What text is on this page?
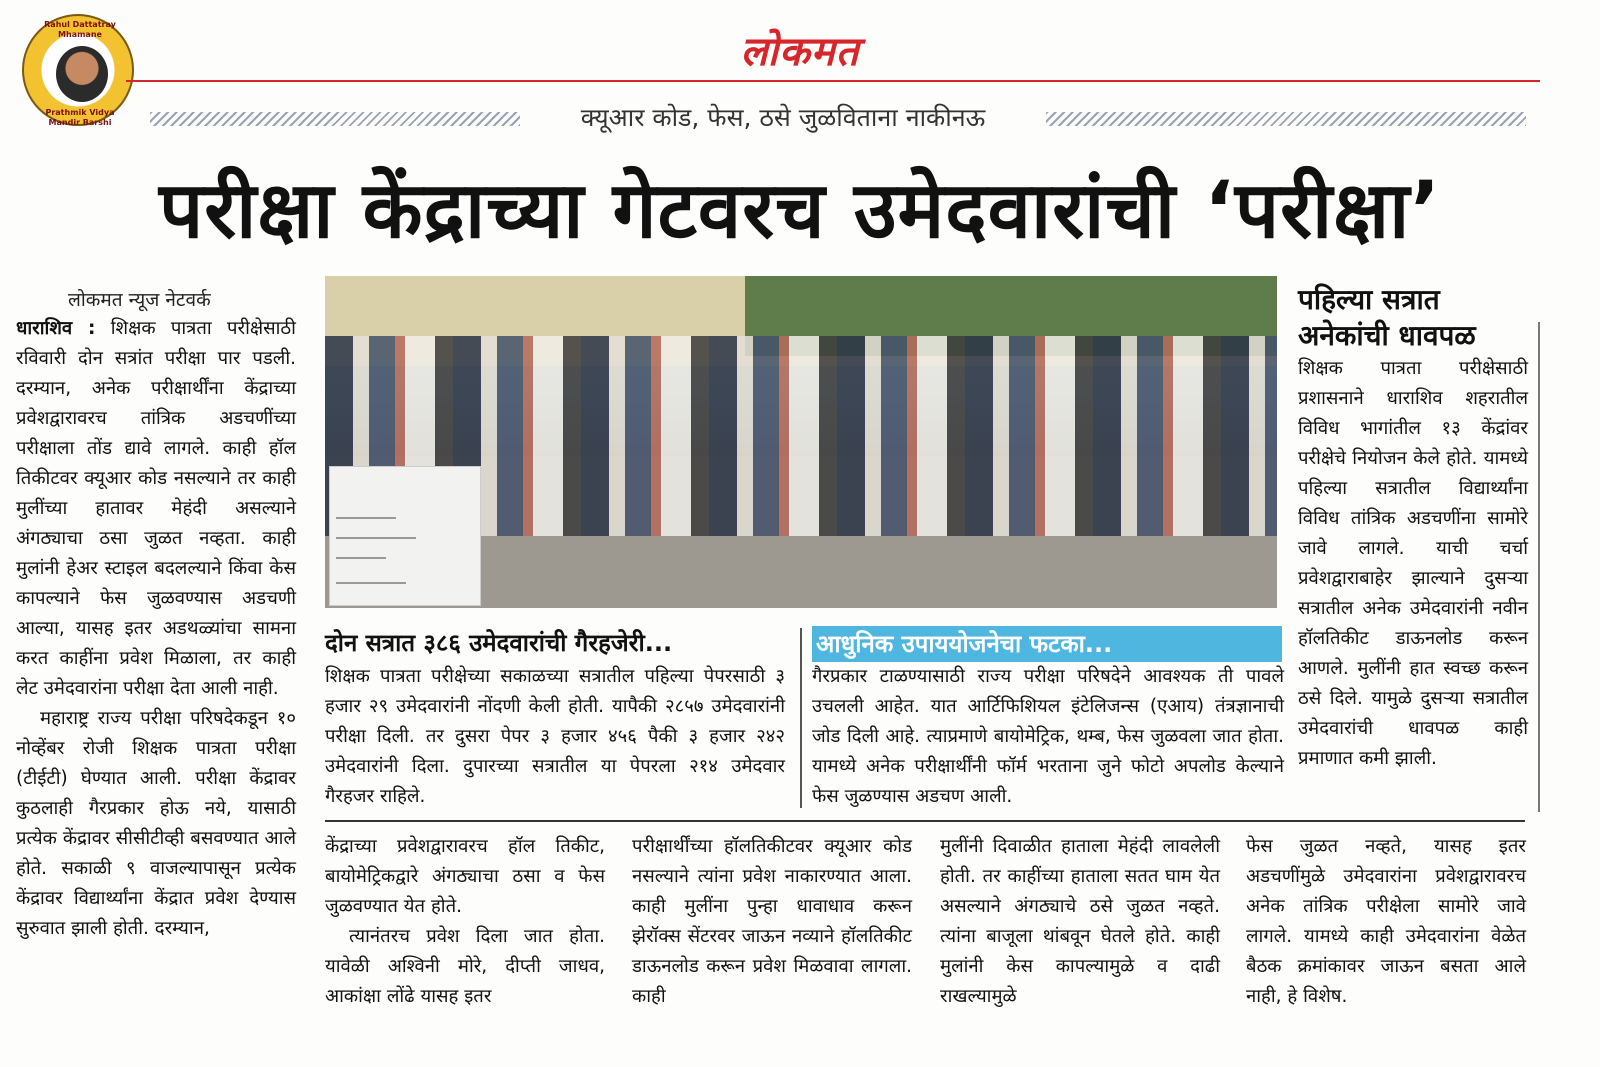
Rahul Dattatray Mhamane
Prathmik Vidya Mandir Barshi
लोकमत
क्यूआर कोड, फेस, ठसे जुळविताना नाकीनऊ
परीक्षा केंद्राच्या गेटवरच उमेदवारांची ‘परीक्षा’
लोकमत न्यूज नेटवर्क

धाराशिव : शिक्षक पात्रता परीक्षेसाठी रविवारी दोन सत्रांत परीक्षा पार पडली. दरम्यान, अनेक परीक्षार्थींना केंद्राच्या प्रवेशद्वारावरच तांत्रिक अडचणींच्या परीक्षाला तोंड द्यावे लागले. काही हॉल तिकीटवर क्यूआर कोड नसल्याने तर काही मुलींच्या हातावर मेहंदी असल्याने अंगठ्याचा ठसा जुळत नव्हता. काही मुलांनी हेअर स्टाइल बदलल्याने किंवा केस कापल्याने फेस जुळवण्यास अडचणी आल्या, यासह इतर अडथळ्यांचा सामना करत काहींना प्रवेश मिळाला, तर काही लेट उमेदवारांना परीक्षा देता आली नाही.

महाराष्ट्र राज्य परीक्षा परिषदेकडून १० नोव्हेंबर रोजी शिक्षक पात्रता परीक्षा (टीईटी) घेण्यात आली. परीक्षा केंद्रावर कुठलाही गैरप्रकार होऊ नये, यासाठी प्रत्येक केंद्रावर सीसीटीव्ही बसवण्यात आले होते. सकाळी ९ वाजल्यापासून प्रत्येक केंद्रावर विद्यार्थ्यांना केंद्रात प्रवेश देण्यास सुरुवात झाली होती. दरम्यान,

दोन सत्रात ३८६ उमेदवारांची गैरहजेरी...
शिक्षक पात्रता परीक्षेच्या सकाळच्या सत्रातील पहिल्या पेपरसाठी ३ हजार २९ उमेदवारांनी नोंदणी केली होती. यापैकी २८५७ उमेदवारांनी परीक्षा दिली. तर दुसरा पेपर ३ हजार ४५६ पैकी ३ हजार २४२ उमेदवारांनी दिला. दुपारच्या सत्रातील या पेपरला २१४ उमेदवार गैरहजर राहिले.
आधुनिक उपाययोजनेचा फटका...
गैरप्रकार टाळण्यासाठी राज्य परीक्षा परिषदेने आवश्यक ती पावले उचलली आहेत. यात आर्टिफिशियल इंटेलिजन्स (एआय) तंत्रज्ञानाची जोड दिली आहे. त्याप्रमाणे बायोमेट्रिक, थम्ब, फेस जुळवला जात होता. यामध्ये अनेक परीक्षार्थींनी फॉर्म भरताना जुने फोटो अपलोड केल्याने फेस जुळण्यास अडचण आली.
पहिल्या सत्रात अनेकांची धावपळ
शिक्षक पात्रता परीक्षेसाठी प्रशासनाने धाराशिव शहरातील विविध भागांतील १३ केंद्रांवर परीक्षेचे नियोजन केले होते. यामध्ये पहिल्या सत्रातील विद्यार्थ्यांना विविध तांत्रिक अडचणींना सामोरे जावे लागले. याची चर्चा प्रवेशद्वाराबाहेर झाल्याने दुसऱ्या सत्रातील अनेक उमेदवारांनी नवीन हॉलतिकीट डाऊनलोड करून आणले. मुलींनी हात स्वच्छ करून ठसे दिले. यामुळे दुसऱ्या सत्रातील उमेदवारांची धावपळ काही प्रमाणात कमी झाली.

केंद्राच्या प्रवेशद्वारावरच हॉल तिकीट, बायोमेट्रिकद्वारे अंगठ्याचा ठसा व फेस जुळवण्यात येत होते.

त्यानंतरच प्रवेश दिला जात होता. यावेळी अश्विनी मोरे, दीप्ती जाधव, आकांक्षा लोंढे यासह इतर

परीक्षार्थींच्या हॉलतिकीटवर क्यूआर कोड नसल्याने त्यांना प्रवेश नाकारण्यात आला. काही मुलींना पुन्हा धावाधाव करून झेरॉक्स सेंटरवर जाऊन नव्याने हॉलतिकीट डाऊनलोड करून प्रवेश मिळवावा लागला. काही
मुलींनी दिवाळीत हाताला मेहंदी लावलेली होती. तर काहींच्या हाताला सतत घाम येत असल्याने अंगठ्याचे ठसे जुळत नव्हते. त्यांना बाजूला थांबवून घेतले होते. काही मुलांनी केस कापल्यामुळे व दाढी राखल्यामुळे
फेस जुळत नव्हते, यासह इतर अडचणींमुळे उमेदवारांना प्रवेशद्वारावरच अनेक तांत्रिक परीक्षेला सामोरे जावे लागले. यामध्ये काही उमेदवारांना वेळेत बैठक क्रमांकावर जाऊन बसता आले नाही, हे विशेष.
